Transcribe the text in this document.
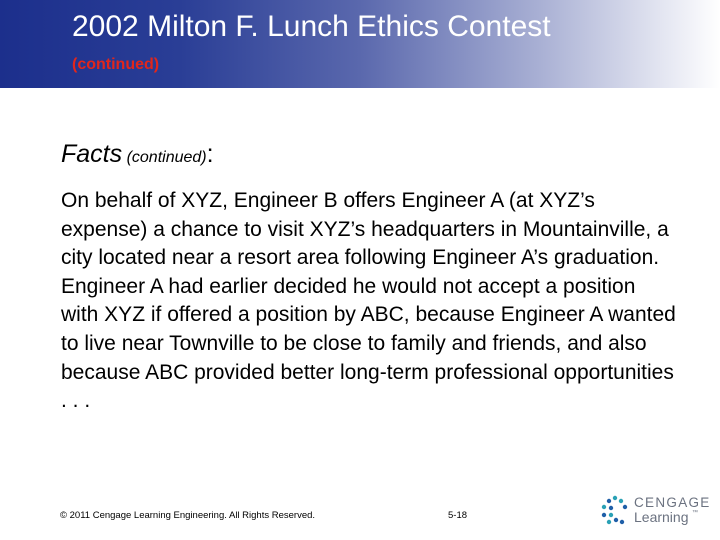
2002 Milton F. Lunch Ethics Contest
(continued)
Facts (continued):
On behalf of XYZ, Engineer B offers Engineer A (at XYZ’s expense) a chance to visit XYZ’s headquarters in Mountainville, a city located near a resort area following Engineer A’s graduation. Engineer A had earlier decided he would not accept a position with XYZ if offered a position by ABC, because Engineer A wanted to live near Townville to be close to family and friends, and also because ABC provided better long-term professional opportunities . . .
© 2011 Cengage Learning Engineering. All Rights Reserved.	5-18
CENGAGE
Learning ™
